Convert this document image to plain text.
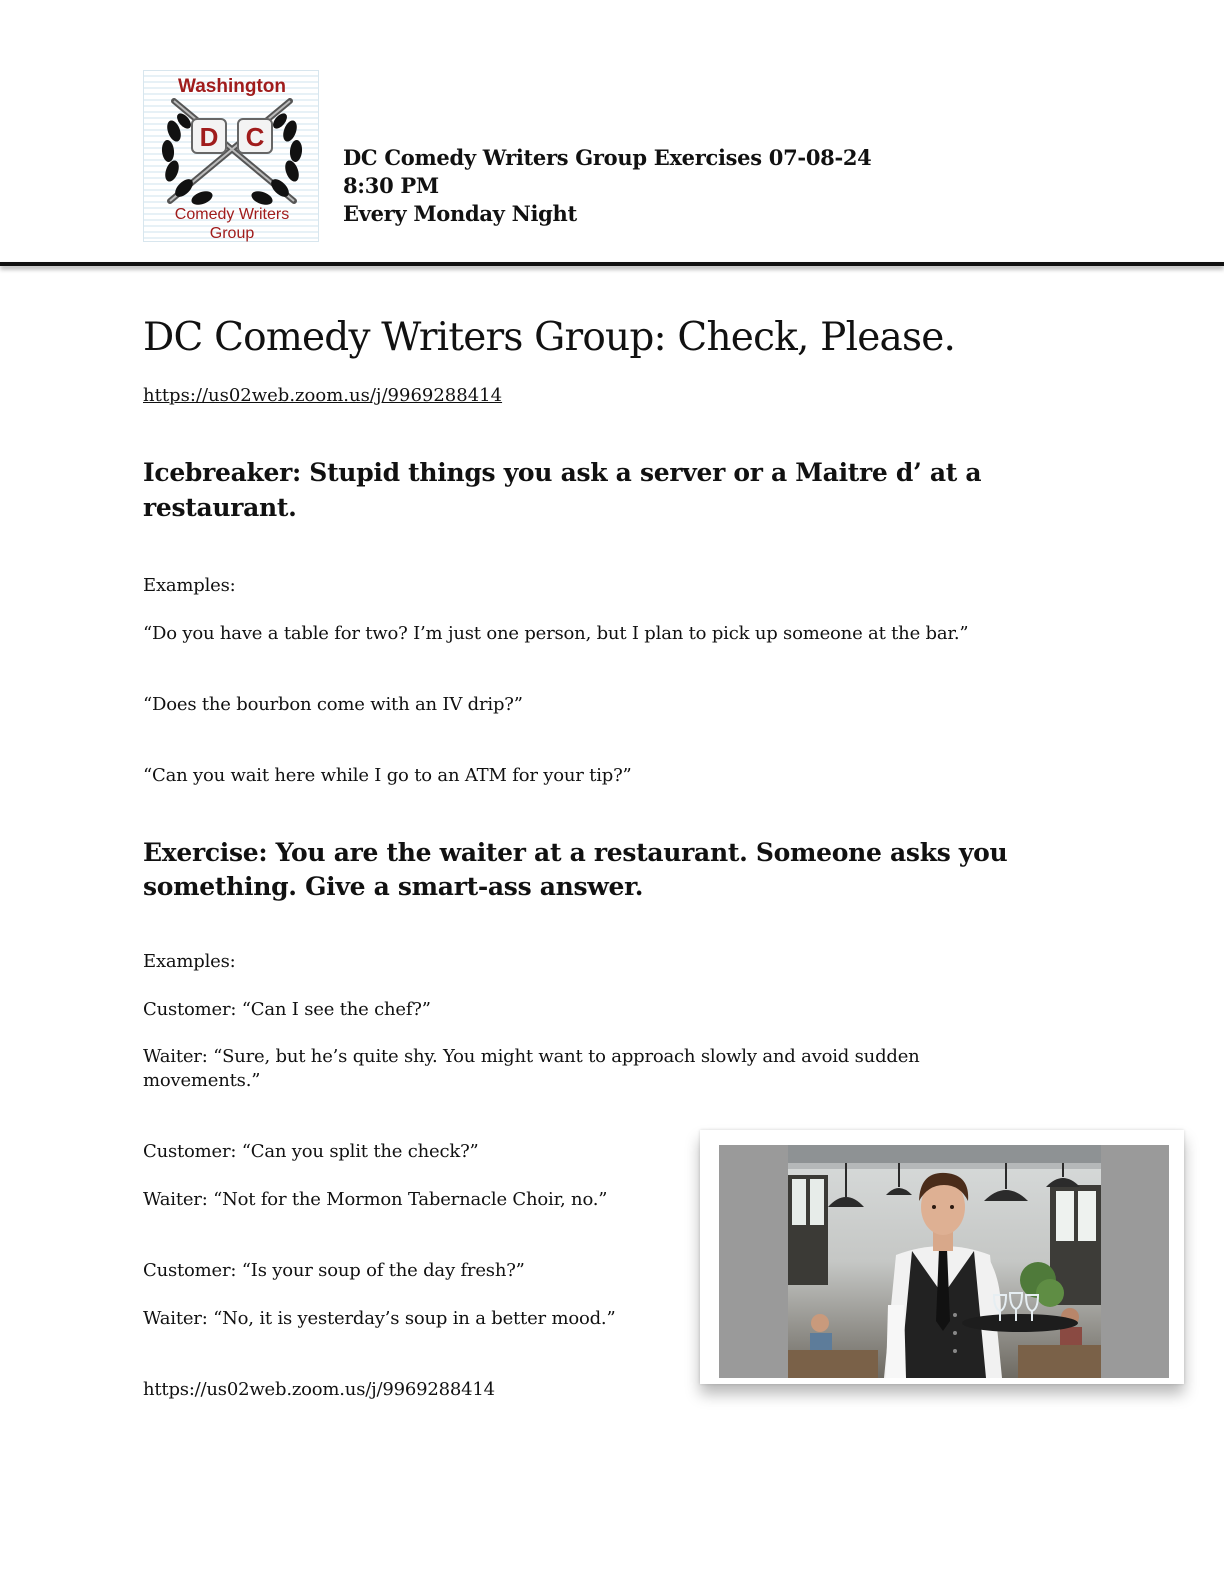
Washington
D C
Comedy Writers
Group
DC Comedy Writers Group Exercises 07-08-24
8:30 PM
Every Monday Night
DC Comedy Writers Group: Check, Please.
https://us02web.zoom.us/j/9969288414
Icebreaker: Stupid things you ask a server or a Maitre d’ at a restaurant.
Examples:
“Do you have a table for two? I’m just one person, but I plan to pick up someone at the bar.”
“Does the bourbon come with an IV drip?”
“Can you wait here while I go to an ATM for your tip?”
Exercise: You are the waiter at a restaurant. Someone asks you something. Give a smart-ass answer.
Examples:
Customer: “Can I see the chef?”
Waiter: “Sure, but he’s quite shy. You might want to approach slowly and avoid sudden movements.”
Customer: “Can you split the check?”
Waiter: “Not for the Mormon Tabernacle Choir, no.”
Customer: “Is your soup of the day fresh?”
Waiter: “No, it is yesterday’s soup in a better mood.”
https://us02web.zoom.us/j/9969288414
